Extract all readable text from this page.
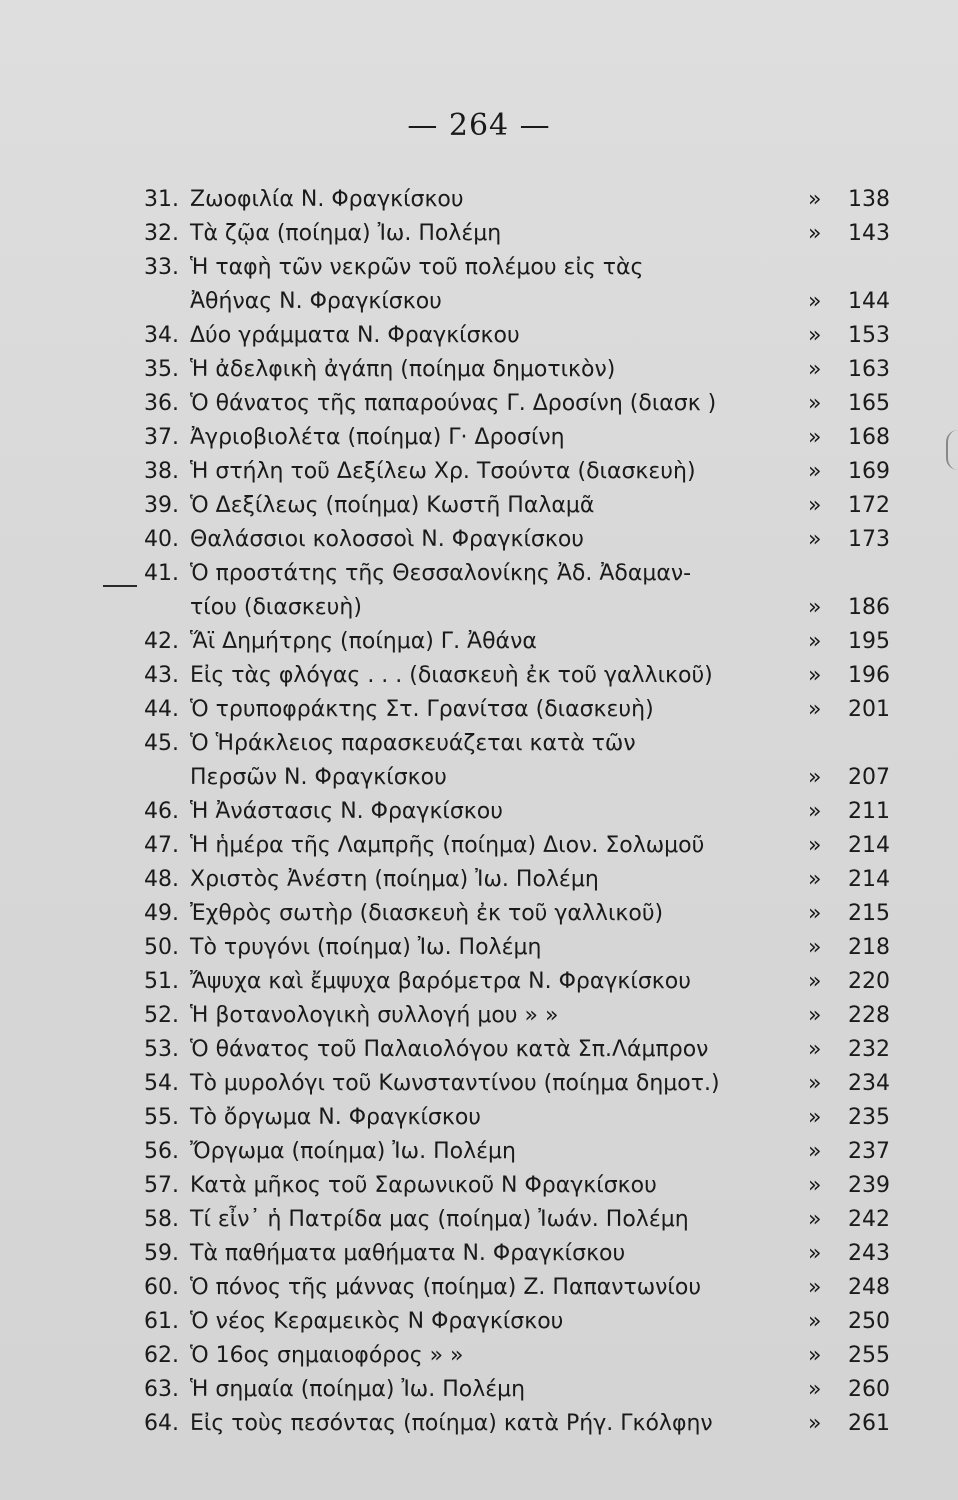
— 264 —
31. Ζωοφιλία Ν. Φραγκίσκου	» 138
32. Τὰ ζῷα (ποίημα) Ἰω. Πολέμη	» 143
33. Ἡ ταφὴ τῶν νεκρῶν τοῦ πολέμου εἰς τὰς
Ἀθήνας Ν. Φραγκίσκου	» 144
34. Δύο γράμματα Ν. Φραγκίσκου	» 153
35. Ἡ ἀδελφικὴ ἀγάπη (ποίημα δημοτικὸν)	» 163
36. Ὁ θάνατος τῆς παπαρούνας Γ. Δροσίνη (διασκ )	» 165
37. Ἀγριοβιολέτα (ποίημα) Γ· Δροσίνη	» 168
38. Ἡ στήλη τοῦ Δεξίλεω Χρ. Τσούντα (διασκευὴ)	» 169
39. Ὁ Δεξίλεως (ποίημα) Κωστῆ Παλαμᾶ	» 172
40. Θαλάσσιοι κολοσσοὶ Ν. Φραγκίσκου	» 173
41. Ὁ προστάτης τῆς Θεσσαλονίκης Ἀδ. Ἀδαμαν-
τίου (διασκευὴ)	» 186
42. Ἅϊ Δημήτρης (ποίημα) Γ. Ἀθάνα	» 195
43. Εἰς τὰς φλόγας . . . (διασκευὴ ἐκ τοῦ γαλλικοῦ)	» 196
44. Ὁ τρυποφράκτης Στ. Γρανίτσα (διασκευὴ)	» 201
45. Ὁ Ἡράκλειος παρασκευάζεται κατὰ τῶν
Περσῶν Ν. Φραγκίσκου	» 207
46. Ἡ Ἀνάστασις Ν. Φραγκίσκου	» 211
47. Ἡ ἡμέρα τῆς Λαμπρῆς (ποίημα) Διον. Σολωμοῦ	» 214
48. Χριστὸς Ἀνέστη (ποίημα) Ἰω. Πολέμη	» 214
49. Ἐχθρὸς σωτὴρ (διασκευὴ ἐκ τοῦ γαλλικοῦ)	» 215
50. Τὸ τρυγόνι (ποίημα) Ἰω. Πολέμη	» 218
51. Ἄψυχα καὶ ἔμψυχα βαρόμετρα Ν. Φραγκίσκου	» 220
52. Ἡ βοτανολογικὴ συλλογή μου » »	» 228
53. Ὁ θάνατος τοῦ Παλαιολόγου κατὰ Σπ.Λάμπρον	» 232
54. Τὸ μυρολόγι τοῦ Κωνσταντίνου (ποίημα δημοτ.)	» 234
55. Τὸ ὄργωμα Ν. Φραγκίσκου	» 235
56. Ὄργωμα (ποίημα) Ἰω. Πολέμη	» 237
57. Κατὰ μῆκος τοῦ Σαρωνικοῦ Ν Φραγκίσκου	» 239
58. Τί εἶν᾽ ἡ Πατρίδα μας (ποίημα) Ἰωάν. Πολέμη	» 242
59. Τὰ παθήματα μαθήματα Ν. Φραγκίσκου	» 243
60. Ὁ πόνος τῆς μάννας (ποίημα) Ζ. Παπαντωνίου	» 248
61. Ὁ νέος Κεραμεικὸς Ν Φραγκίσκου	» 250
62. Ὁ 16ος σημαιοφόρος » »	» 255
63. Ἡ σημαία (ποίημα) Ἰω. Πολέμη	» 260
64. Εἰς τοὺς πεσόντας (ποίημα) κατὰ Ρήγ. Γκόλφην	» 261
